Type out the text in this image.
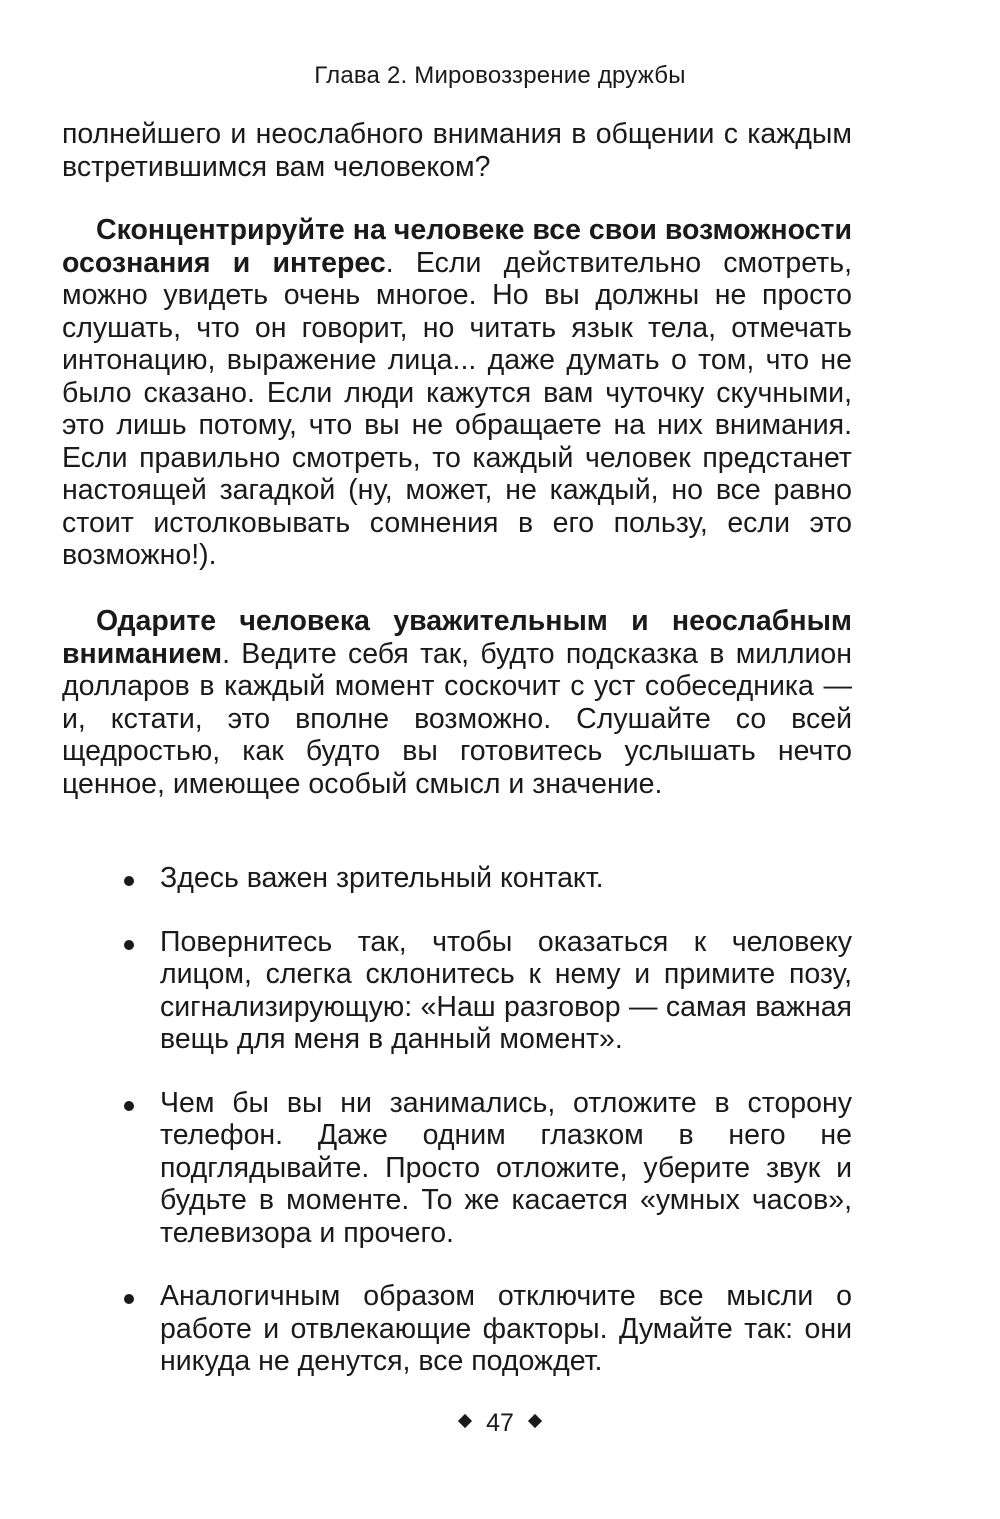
Глава 2. Мировоззрение дружбы

полнейшего и неослабного внимания в общении с каждым встретившимся вам человеком?

Сконцентрируйте на человеке все свои возможности осознания и интерес. Если действительно смотреть, можно увидеть очень многое. Но вы должны не просто слушать, что он говорит, но читать язык тела, отмечать интонацию, выражение лица... даже думать о том, что не было сказано. Если люди кажутся вам чуточку скучными, это лишь потому, что вы не обращаете на них внимания. Если правильно смотреть, то каждый человек предстанет настоящей загадкой (ну, может, не каждый, но все равно стоит истолковывать сомнения в его пользу, если это возможно!).

Одарите человека уважительным и неослабным вниманием. Ведите себя так, будто подсказка в миллион долларов в каждый момент соскочит с уст собеседника — и, кстати, это вполне возможно. Слушайте со всей щедростью, как будто вы готовитесь услышать нечто ценное, имеющее особый смысл и значение.

Здесь важен зрительный контакт.
Повернитесь так, чтобы оказаться к человеку лицом, слегка склонитесь к нему и примите позу, сигнализирующую: «Наш разговор — самая важная вещь для меня в данный момент».
Чем бы вы ни занимались, отложите в сторону телефон. Даже одним глазком в него не подглядывайте. Просто отложите, уберите звук и будьте в моменте. То же касается «умных часов», телевизора и прочего.
Аналогичным образом отключите все мысли о работе и отвлекающие факторы. Думайте так: они никуда не денутся, все подождет.
47
